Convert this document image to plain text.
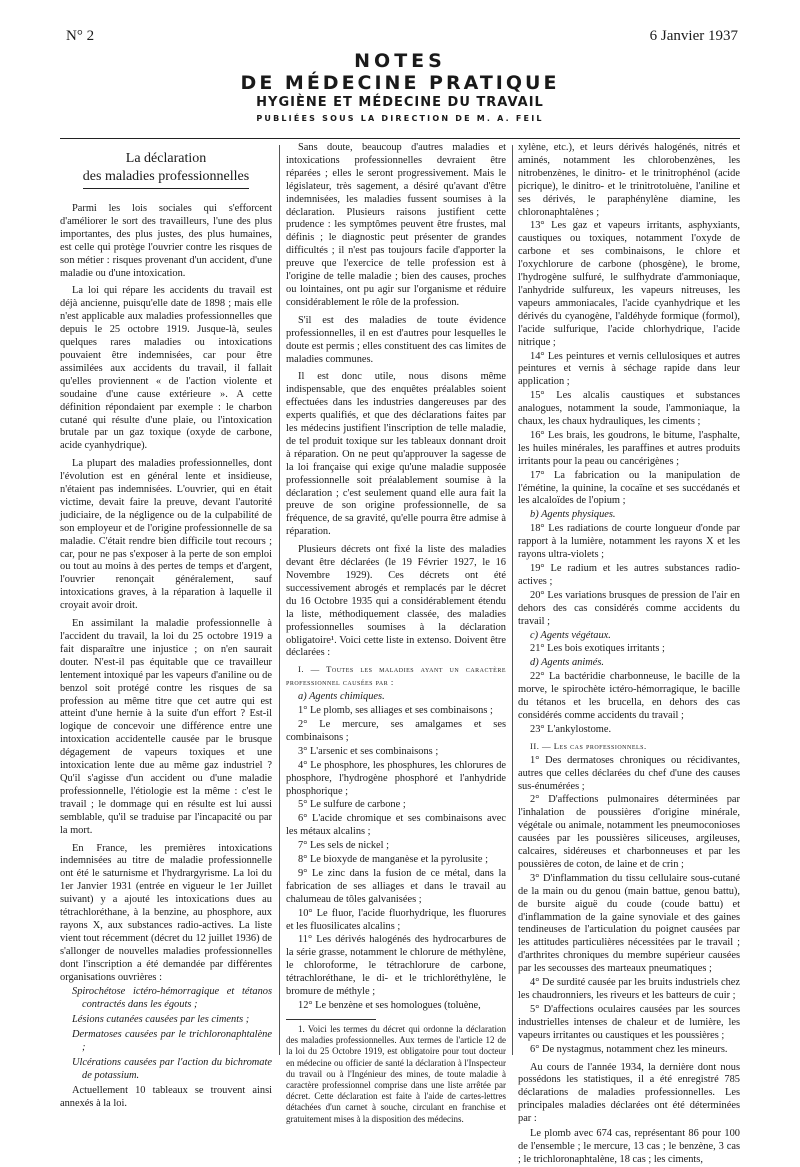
N° 2	6 Janvier 1937
NOTES
DE MÉDECINE PRATIQUE
HYGIÈNE ET MÉDECINE DU TRAVAIL
PUBLIÉES SOUS LA DIRECTION DE M. A. FEIL
La déclaration
des maladies professionnelles

Parmi les lois sociales qui s'efforcent d'améliorer le sort des travailleurs, l'une des plus importantes, des plus justes, des plus humaines, est celle qui protège l'ouvrier contre les risques de son métier : risques provenant d'un accident, d'une maladie ou d'une intoxication.

La loi qui répare les accidents du travail est déjà ancienne, puisqu'elle date de 1898 ; mais elle n'est applicable aux maladies professionnelles que depuis le 25 octobre 1919. Jusque-là, seules quelques rares maladies ou intoxications pouvaient être indemnisées, car pour être assimilées aux accidents du travail, il fallait qu'elles proviennent « de l'action violente et soudaine d'une cause extérieure ». A cette définition répondaient par exemple : le charbon cutané qui résulte d'une plaie, ou l'intoxication brutale par un gaz toxique (oxyde de carbone, acide cyanhydrique).

La plupart des maladies professionnelles, dont l'évolution est en général lente et insidieuse, n'étaient pas indemnisées. L'ouvrier, qui en était victime, devait faire la preuve, devant l'autorité judiciaire, de la négligence ou de la culpabilité de son employeur et de l'origine professionnelle de sa maladie. C'était rendre bien difficile tout recours ; car, pour ne pas s'exposer à la perte de son emploi ou tout au moins à des pertes de temps et d'argent, l'ouvrier renonçait généralement, sauf intoxications graves, à la réparation à laquelle il croyait avoir droit.

En assimilant la maladie professionnelle à l'accident du travail, la loi du 25 octobre 1919 a fait disparaître une injustice ; on n'en saurait douter. N'est-il pas équitable que ce travailleur lentement intoxiqué par les vapeurs d'aniline ou de benzol soit protégé contre les risques de sa profession au même titre que cet autre qui est atteint d'une hernie à la suite d'un effort ? Est-il logique de concevoir une différence entre une intoxication accidentelle causée par le brusque dégagement de vapeurs toxiques et une intoxication lente due au même gaz industriel ? Qu'il s'agisse d'un accident ou d'une maladie professionnelle, l'étiologie est la même : c'est le travail ; le dommage qui en résulte est lui aussi semblable, qu'il se traduise par l'incapacité ou par la mort.

En France, les premières intoxications indemnisées au titre de maladie professionnelle ont été le saturnisme et l'hydrargyrisme. La loi du 1er Janvier 1931 (entrée en vigueur le 1er Juillet suivant) y a ajouté les intoxications dues au tétrachloréthane, à la benzine, au phosphore, aux rayons X, aux substances radio-actives. La liste vient tout récemment (décret du 12 juillet 1936) de s'allonger de nouvelles maladies professionnelles dont l'inscription a été demandée par différentes organisations ouvrières :

Spirochétose ictéro-hémorragique et tétanos contractés dans les égouts ;
Lésions cutanées causées par les ciments ;
Dermatoses causées par le trichloronaphtalène ;
Ulcérations causées par l'action du bichromate de potassium.

Actuellement 10 tableaux se trouvent ainsi annexés à la loi.

Sans doute, beaucoup d'autres maladies et intoxications professionnelles devraient être réparées ; elles le seront progressivement. Mais le législateur, très sagement, a désiré qu'avant d'être indemnisées, les maladies fussent soumises à la déclaration. Plusieurs raisons justifient cette prudence : les symptômes peuvent être frustes, mal définis ; le diagnostic peut présenter de grandes difficultés ; il n'est pas toujours facile d'apporter la preuve que l'exercice de telle profession est à l'origine de telle maladie ; bien des causes, proches ou lointaines, ont pu agir sur l'organisme et réduire considérablement le rôle de la profession.

S'il est des maladies de toute évidence professionnelles, il en est d'autres pour lesquelles le doute est permis ; elles constituent des cas limites de maladies communes.

Il est donc utile, nous disons même indispensable, que des enquêtes préalables soient effectuées dans les industries dangereuses par des experts qualifiés, et que des déclarations faites par les médecins justifient l'inscription de telle maladie, de tel produit toxique sur les tableaux donnant droit à réparation. On ne peut qu'approuver la sagesse de la loi française qui exige qu'une maladie supposée professionnelle soit préalablement soumise à la déclaration ; c'est seulement quand elle aura fait la preuve de son origine professionnelle, de sa fréquence, de sa gravité, qu'elle pourra être admise à réparation.

Plusieurs décrets ont fixé la liste des maladies devant être déclarées (le 19 Février 1927, le 16 Novembre 1929). Ces décrets ont été successivement abrogés et remplacés par le décret du 16 Octobre 1935 qui a considérablement étendu la liste, méthodiquement classée, des maladies professionnelles soumises à la déclaration obligatoire¹. Voici cette liste in extenso. Doivent être déclarées :

I. — Toutes les maladies ayant un caractère professionnel causées par :
a) Agents chimiques.
1° Le plomb, ses alliages et ses combinaisons ;
2° Le mercure, ses amalgames et ses combinaisons ;
3° L'arsenic et ses combinaisons ;
4° Le phosphore, les phosphures, les chlorures de phosphore, l'hydrogène phosphoré et l'anhydride phosphorique ;
5° Le sulfure de carbone ;
6° L'acide chromique et ses combinaisons avec les métaux alcalins ;
7° Les sels de nickel ;
8° Le bioxyde de manganèse et la pyrolusite ;
9° Le zinc dans la fusion de ce métal, dans la fabrication de ses alliages et dans le travail au chalumeau de tôles galvanisées ;
10° Le fluor, l'acide fluorhydrique, les fluorures et les fluosilicates alcalins ;
11° Les dérivés halogénés des hydrocarbures de la série grasse, notamment le chlorure de méthylène, le chloroforme, le tétrachlorure de carbone, tétrachloréthane, le di- et le trichloréthylène, le bromure de méthyle ;
12° Le benzène et ses homologues (toluène,

1. Voici les termes du décret qui ordonne la déclaration des maladies professionnelles. Aux termes de l'article 12 de la loi du 25 Octobre 1919, est obligatoire pour tout docteur en médecine ou officier de santé la déclaration à l'Inspecteur du travail ou à l'Ingénieur des mines, de toute maladie à caractère professionnel comprise dans une liste arrêtée par décret. Cette déclaration est faite à l'aide de cartes-lettres détachées d'un carnet à souche, circulant en franchise et gratuitement mises à la disposition des médecins.

xylène, etc.), et leurs dérivés halogénés, nitrés et aminés, notamment les chlorobenzènes, les nitrobenzènes, le dinitro- et le trinitrophénol (acide picrique), le dinitro- et le trinitrotoluène, l'aniline et ses dérivés, le paraphénylène diamine, les chloronaphtalènes ;
13° Les gaz et vapeurs irritants, asphyxiants, caustiques ou toxiques, notamment l'oxyde de carbone et ses combinaisons, le chlore et l'oxychlorure de carbone (phosgène), le brome, l'hydrogène sulfuré, le sulfhydrate d'ammoniaque, l'anhydride sulfureux, les vapeurs nitreuses, les vapeurs ammoniacales, l'acide cyanhydrique et les dérivés du cyanogène, l'aldéhyde formique (formol), l'acide sulfurique, l'acide chlorhydrique, l'acide nitrique ;
14° Les peintures et vernis cellulosiques et autres peintures et vernis à séchage rapide dans leur application ;
15° Les alcalis caustiques et substances analogues, notamment la soude, l'ammoniaque, la chaux, les chaux hydrauliques, les ciments ;
16° Les brais, les goudrons, le bitume, l'asphalte, les huiles minérales, les paraffines et autres produits irritants pour la peau ou cancérigènes ;
17° La fabrication ou la manipulation de l'émétine, la quinine, la cocaïne et ses succédanés et les alcaloïdes de l'opium ;
b) Agents physiques.
18° Les radiations de courte longueur d'onde par rapport à la lumière, notamment les rayons X et les rayons ultra-violets ;
19° Le radium et les autres substances radio-actives ;
20° Les variations brusques de pression de l'air en dehors des cas considérés comme accidents du travail ;
c) Agents végétaux.
21° Les bois exotiques irritants ;
d) Agents animés.
22° La bactéridie charbonneuse, le bacille de la morve, le spirochète ictéro-hémorragique, le bacille du tétanos et les brucella, en dehors des cas considérés comme accidents du travail ;
23° L'ankylostome.
II. — Les cas professionnels.
1° Des dermatoses chroniques ou récidivantes, autres que celles déclarées du chef d'une des causes sus-énumérées ;
2° D'affections pulmonaires déterminées par l'inhalation de poussières d'origine minérale, végétale ou animale, notamment les pneumoconioses causées par les poussières siliceuses, argileuses, calcaires, sidéreuses et charbonneuses et par les poussières de coton, de laine et de crin ;
3° D'inflammation du tissu cellulaire sous-cutané de la main ou du genou (main battue, genou battu), de bursite aiguë du coude (coude battu) et d'inflammation de la gaine synoviale et des gaines tendineuses de l'articulation du poignet causées par les attitudes particulières nécessitées par le travail ; d'arthrites chroniques du membre supérieur causées par les secousses des marteaux pneumatiques ;
4° De surdité causée par les bruits industriels chez les chaudronniers, les riveurs et les batteurs de cuir ;
5° D'affections oculaires causées par les sources industrielles intenses de chaleur et de lumière, les vapeurs irritantes ou caustiques et les poussières ;
6° De nystagmus, notamment chez les mineurs.

Au cours de l'année 1934, la dernière dont nous possédons les statistiques, il a été enregistré 785 déclarations de maladies professionnelles. Les principales maladies déclarées ont été déterminées par :

Le plomb avec 674 cas, représentant 86 pour 100 de l'ensemble ; le mercure, 13 cas ; le benzène, 3 cas ; le trichloronaphtalène, 18 cas ; les ciments,
